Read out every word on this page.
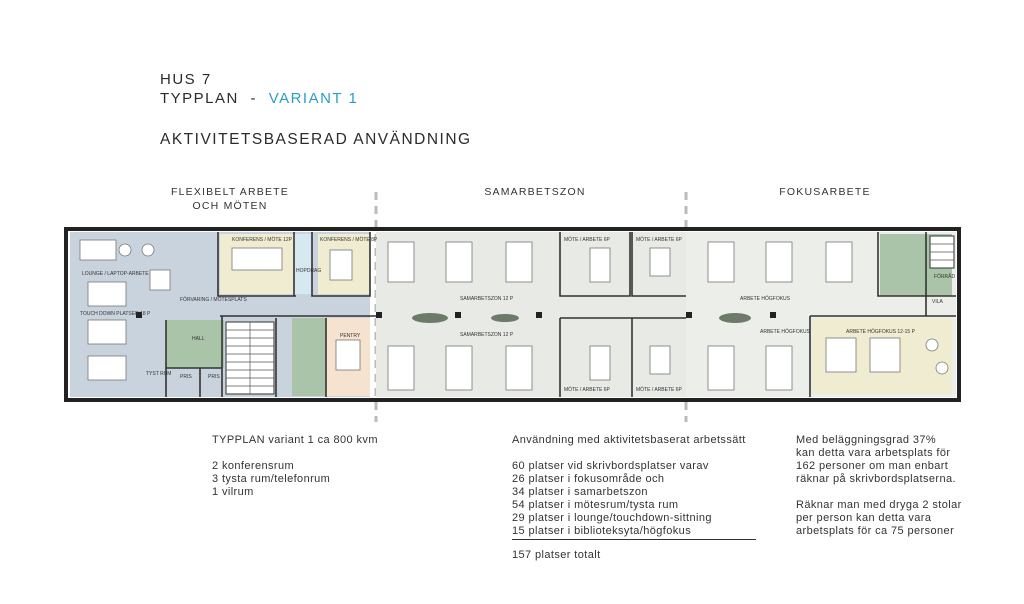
HUS 7
TYPPLAN - VARIANT 1
AKTIVITETSBASERAD ANVÄNDNING
FLEXIBELT ARBETE
OCH MÖTEN
SAMARBETSZON	FOKUSARBETE
LOUNGE / LAPTOP-ARBETE
TOUCH DOWN PLATSER 18 P
FÖRVARING / MÖTESPLATS
KONFERENS / MÖTE 12P	KONFERENS / MÖTE 8P
HOPDRAG
HALL	PENTRY
TYST RUM PRIS	PRIS
SAMARBETSZON 12 P
SAMARBETSZON 12 P
MÖTE / ARBETE 6P	MÖTE / ARBETE 6P
MÖTE / ARBETE 6P
MÖTE / ARBETE 6P
ARBETE HÖGFOKUS
ARBETE HÖGFOKUS	ARBETE HÖGFOKUS 12-15 P
VILA
FÖRRÅD
TYPPLAN variant 1 ca 800 kvm
2 konferensrum
3 tysta rum/telefonrum
1 vilrum
Användning med aktivitetsbaserat arbetssätt
60 platser vid skrivbordsplatser varav
26 platser i fokusområde och
34 platser i samarbetszon
54 platser i mötesrum/tysta rum
29 platser i lounge/touchdown-sittning
15 platser i biblioteksyta/högfokus
157 platser totalt
Med beläggningsgrad 37%
kan detta vara arbetsplats för
162 personer om man enbart
räknar på skrivbordsplatserna.
Räknar man med dryga 2 stolar
per person kan detta vara
arbetsplats för ca 75 personer
